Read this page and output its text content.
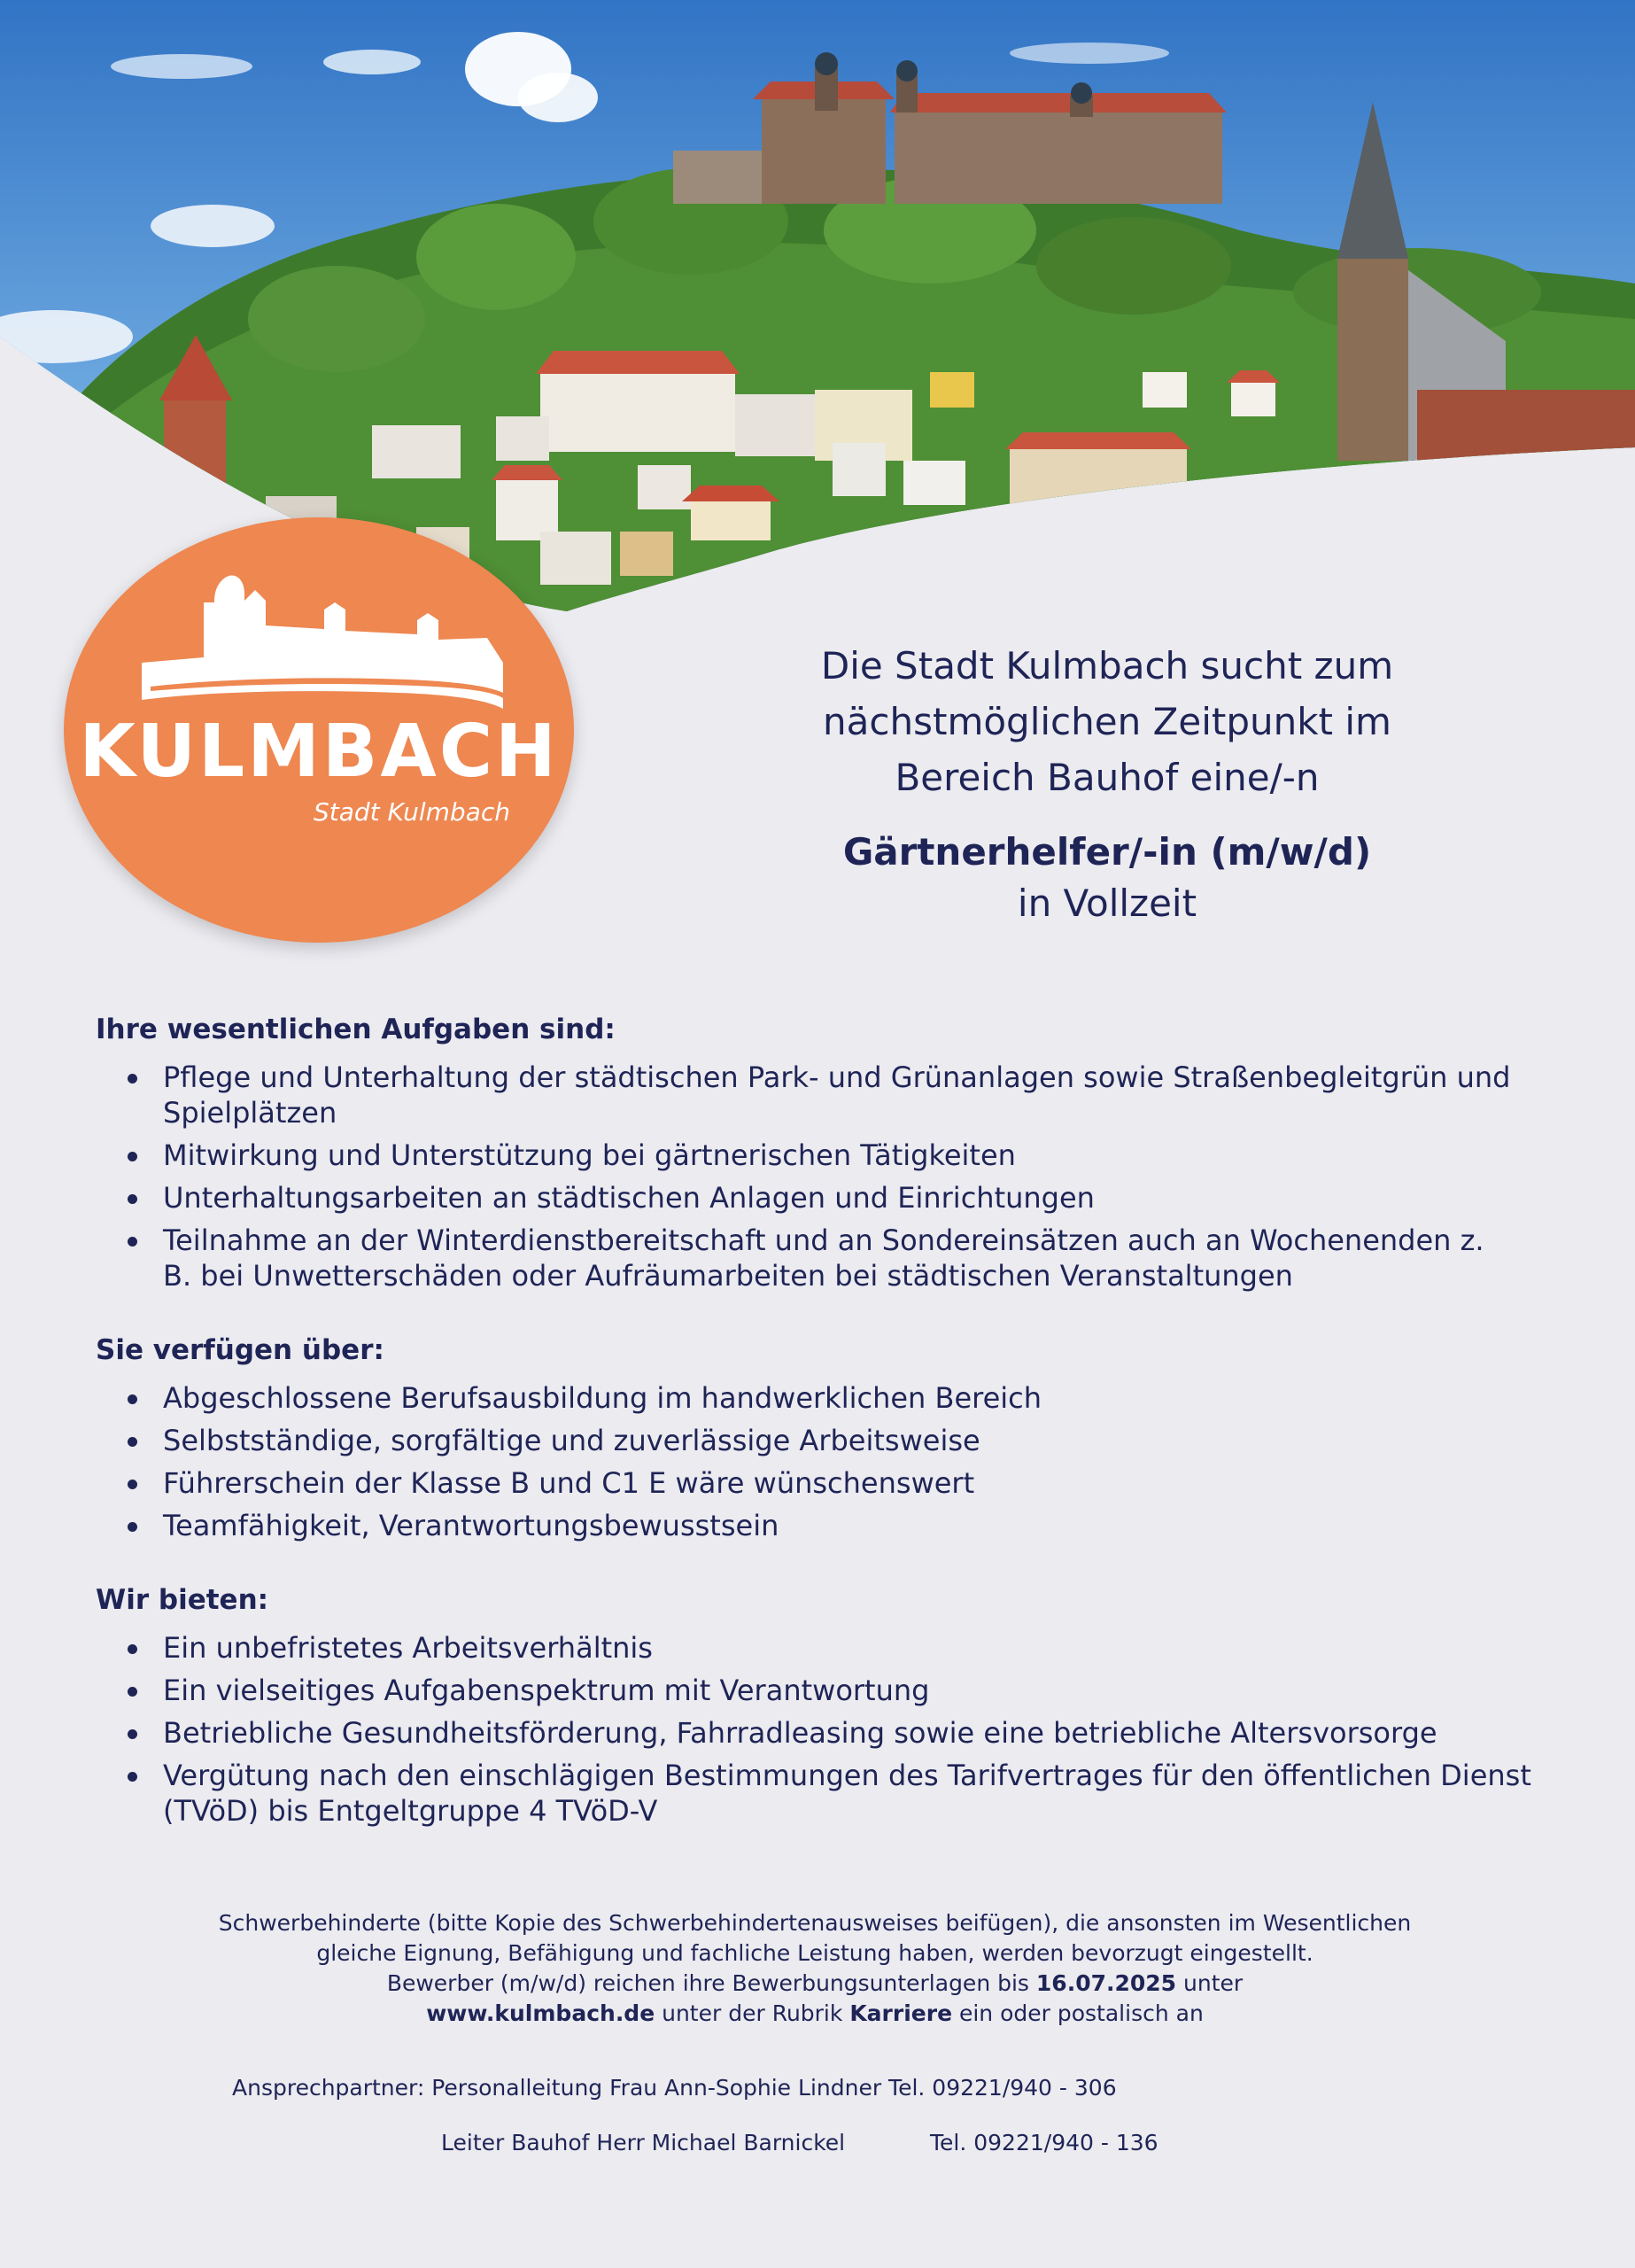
KULMBACH
Stadt Kulmbach

Die Stadt Kulmbach sucht zum
nächstmöglichen Zeitpunkt im
Bereich Bauhof eine/-n

Gärtnerhelfer/-in (m/w/d)

in Vollzeit

Ihre wesentlichen Aufgaben sind:
Pflege und Unterhaltung der städtischen Park- und Grünanlagen sowie Straßenbegleitgrün und Spielplätzen
Mitwirkung und Unterstützung bei gärtnerischen Tätigkeiten
Unterhaltungsarbeiten an städtischen Anlagen und Einrichtungen
Teilnahme an der Winterdienstbereitschaft und an Sondereinsätzen auch an Wochenenden z. B. bei Unwetterschäden oder Aufräumarbeiten bei städtischen Veranstaltungen
Sie verfügen über:
Abgeschlossene Berufsausbildung im handwerklichen Bereich
Selbstständige, sorgfältige und zuverlässige Arbeitsweise
Führerschein der Klasse B und C1 E wäre wünschenswert
Teamfähigkeit, Verantwortungsbewusstsein
Wir bieten:
Ein unbefristetes Arbeitsverhältnis
Ein vielseitiges Aufgabenspektrum mit Verantwortung
Betriebliche Gesundheitsförderung, Fahrradleasing sowie eine betriebliche Altersvorsorge
Vergütung nach den einschlägigen Bestimmungen des Tarifvertrages für den öffentlichen Dienst (TVöD) bis Entgeltgruppe 4 TVöD-V

Schwerbehinderte (bitte Kopie des Schwerbehindertenausweises beifügen), die ansonsten im Wesentlichen

gleiche Eignung, Befähigung und fachliche Leistung haben, werden bevorzugt eingestellt.

Bewerber (m/w/d) reichen ihre Bewerbungsunterlagen bis 16.07.2025 unter

www.kulmbach.de unter der Rubrik Karriere ein oder postalisch an

Ansprechpartner: Personalleitung Frau Ann-Sophie Lindner Tel. 09221/940 - 306
Leiter Bauhof Herr Michael Barnickel	Tel. 09221/940 - 136
